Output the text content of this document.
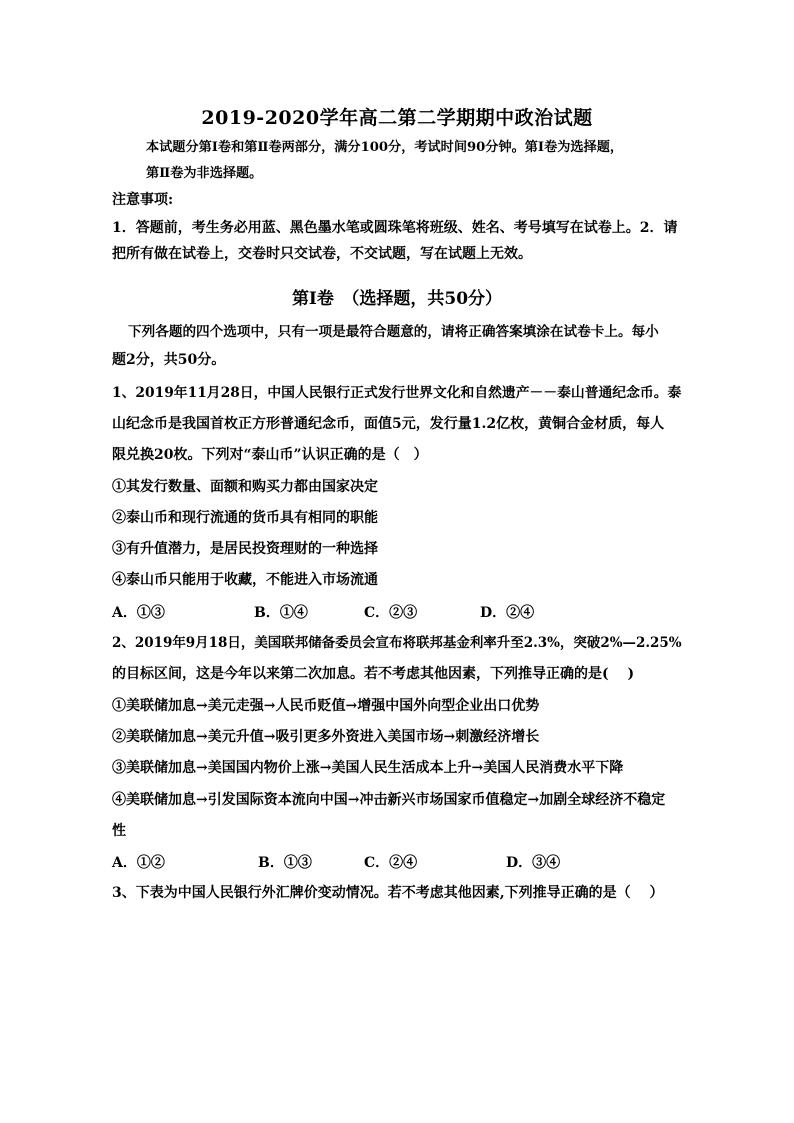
2019-2020学年高二第二学期期中政治试题
本试题分第Ⅰ卷和第Ⅱ卷两部分，满分100分，考试时间90分钟。第Ⅰ卷为选择题，
第Ⅱ卷为非选择题。
注意事项:
1．答题前，考生务必用蓝、黑色墨水笔或圆珠笔将班级、姓名、考号填写在试卷上。2．请
把所有做在试卷上，交卷时只交试卷，不交试题，写在试题上无效。
第Ⅰ卷　（选择题，共50分）
下列各题的四个选项中，只有一项是最符合题意的，请将正确答案填涂在试卷卡上。每小
题2分，共50分。
1、2019年11月28日，中国人民银行正式发行世界文化和自然遗产－－泰山普通纪念币。泰
山纪念币是我国首枚正方形普通纪念币，面值5元，发行量1.2亿枚，黄铜合金材质，每人
限兑换20枚。下列对“泰山币”认识正确的是（　）
①其发行数量、面额和购买力都由国家决定
②泰山币和现行流通的货币具有相同的职能
③有升值潜力，是居民投资理财的一种选择
④泰山币只能用于收藏，不能进入市场流通
A．①③	B．①④	C．②③	D．②④
2、2019年9月18日，美国联邦储备委员会宣布将联邦基金利率升至2.3%，突破2%—2.25%
的目标区间，这是今年以来第二次加息。若不考虑其他因素，下列推导正确的是(　 )
①美联储加息→美元走强→人民币贬值→增强中国外向型企业出口优势
②美联储加息→美元升值→吸引更多外资进入美国市场→刺激经济增长
③美联储加息→美国国内物价上涨→美国人民生活成本上升→美国人民消费水平下降
④美联储加息→引发国际资本流向中国→冲击新兴市场国家币值稳定→加剧全球经济不稳定
性
A．①②	B．①③	C．②④	D．③④
3、下表为中国人民银行外汇牌价变动情况。若不考虑其他因素,下列推导正确的是（　 ）
